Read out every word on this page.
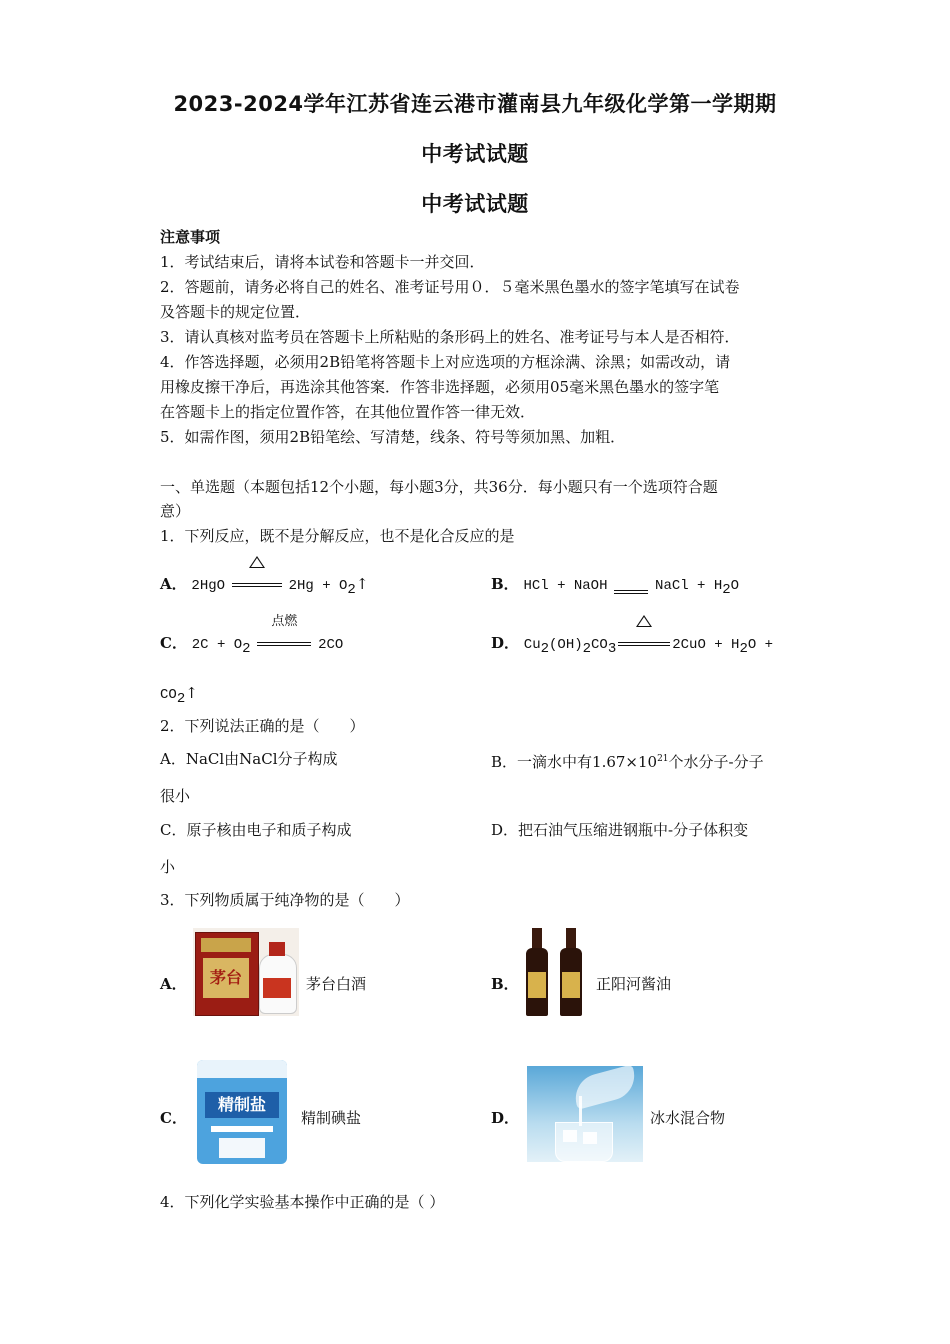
2023-2024学年江苏省连云港市灌南县九年级化学第一学期期
中考试试题
中考试试题
注意事项
1．考试结束后，请将本试卷和答题卡一并交回．
2．答题前，请务必将自己的姓名、准考证号用０．５毫米黑色墨水的签字笔填写在试卷
及答题卡的规定位置．
3．请认真核对监考员在答题卡上所粘贴的条形码上的姓名、准考证号与本人是否相符．
4．作答选择题，必须用2B铅笔将答题卡上对应选项的方框涂满、涂黑；如需改动，请
用橡皮擦干净后，再选涂其他答案．作答非选择题，必须用05毫米黑色墨水的签字笔
在答题卡上的指定位置作答，在其他位置作答一律无效．
5．如需作图，须用2B铅笔绘、写清楚，线条、符号等须加黑、加粗．
一、单选题（本题包括12个小题，每小题3分，共36分．每小题只有一个选项符合题
意）
1．下列反应，既不是分解反应，也不是化合反应的是
A． 2HgO	$2Hg + O_2↑$	B． HCl + NaOH	NaCl + $H_2O$
C． $2C + O_2$
点燃
2CO	D． $Cu_2(OH)_2CO_3$	$2CuO + H_2O$ +
$CO_2↑$
2．下列说法正确的是（　　）
A．NaCl由NaCl分子构成	B．一滴水中有$1.67\times 10^{21}$个水分子-分子
很小
C．原子核由电子和质子构成	D．把石油气压缩进钢瓶中-分子体积变
小
3．下列物质属于纯净物的是（　　）
A．	茅台	茅台白酒	B．	正阳河酱油
C．
精制盐
精制碘盐	D．	冰水混合物
4．下列化学实验基本操作中正确的是（ ）
